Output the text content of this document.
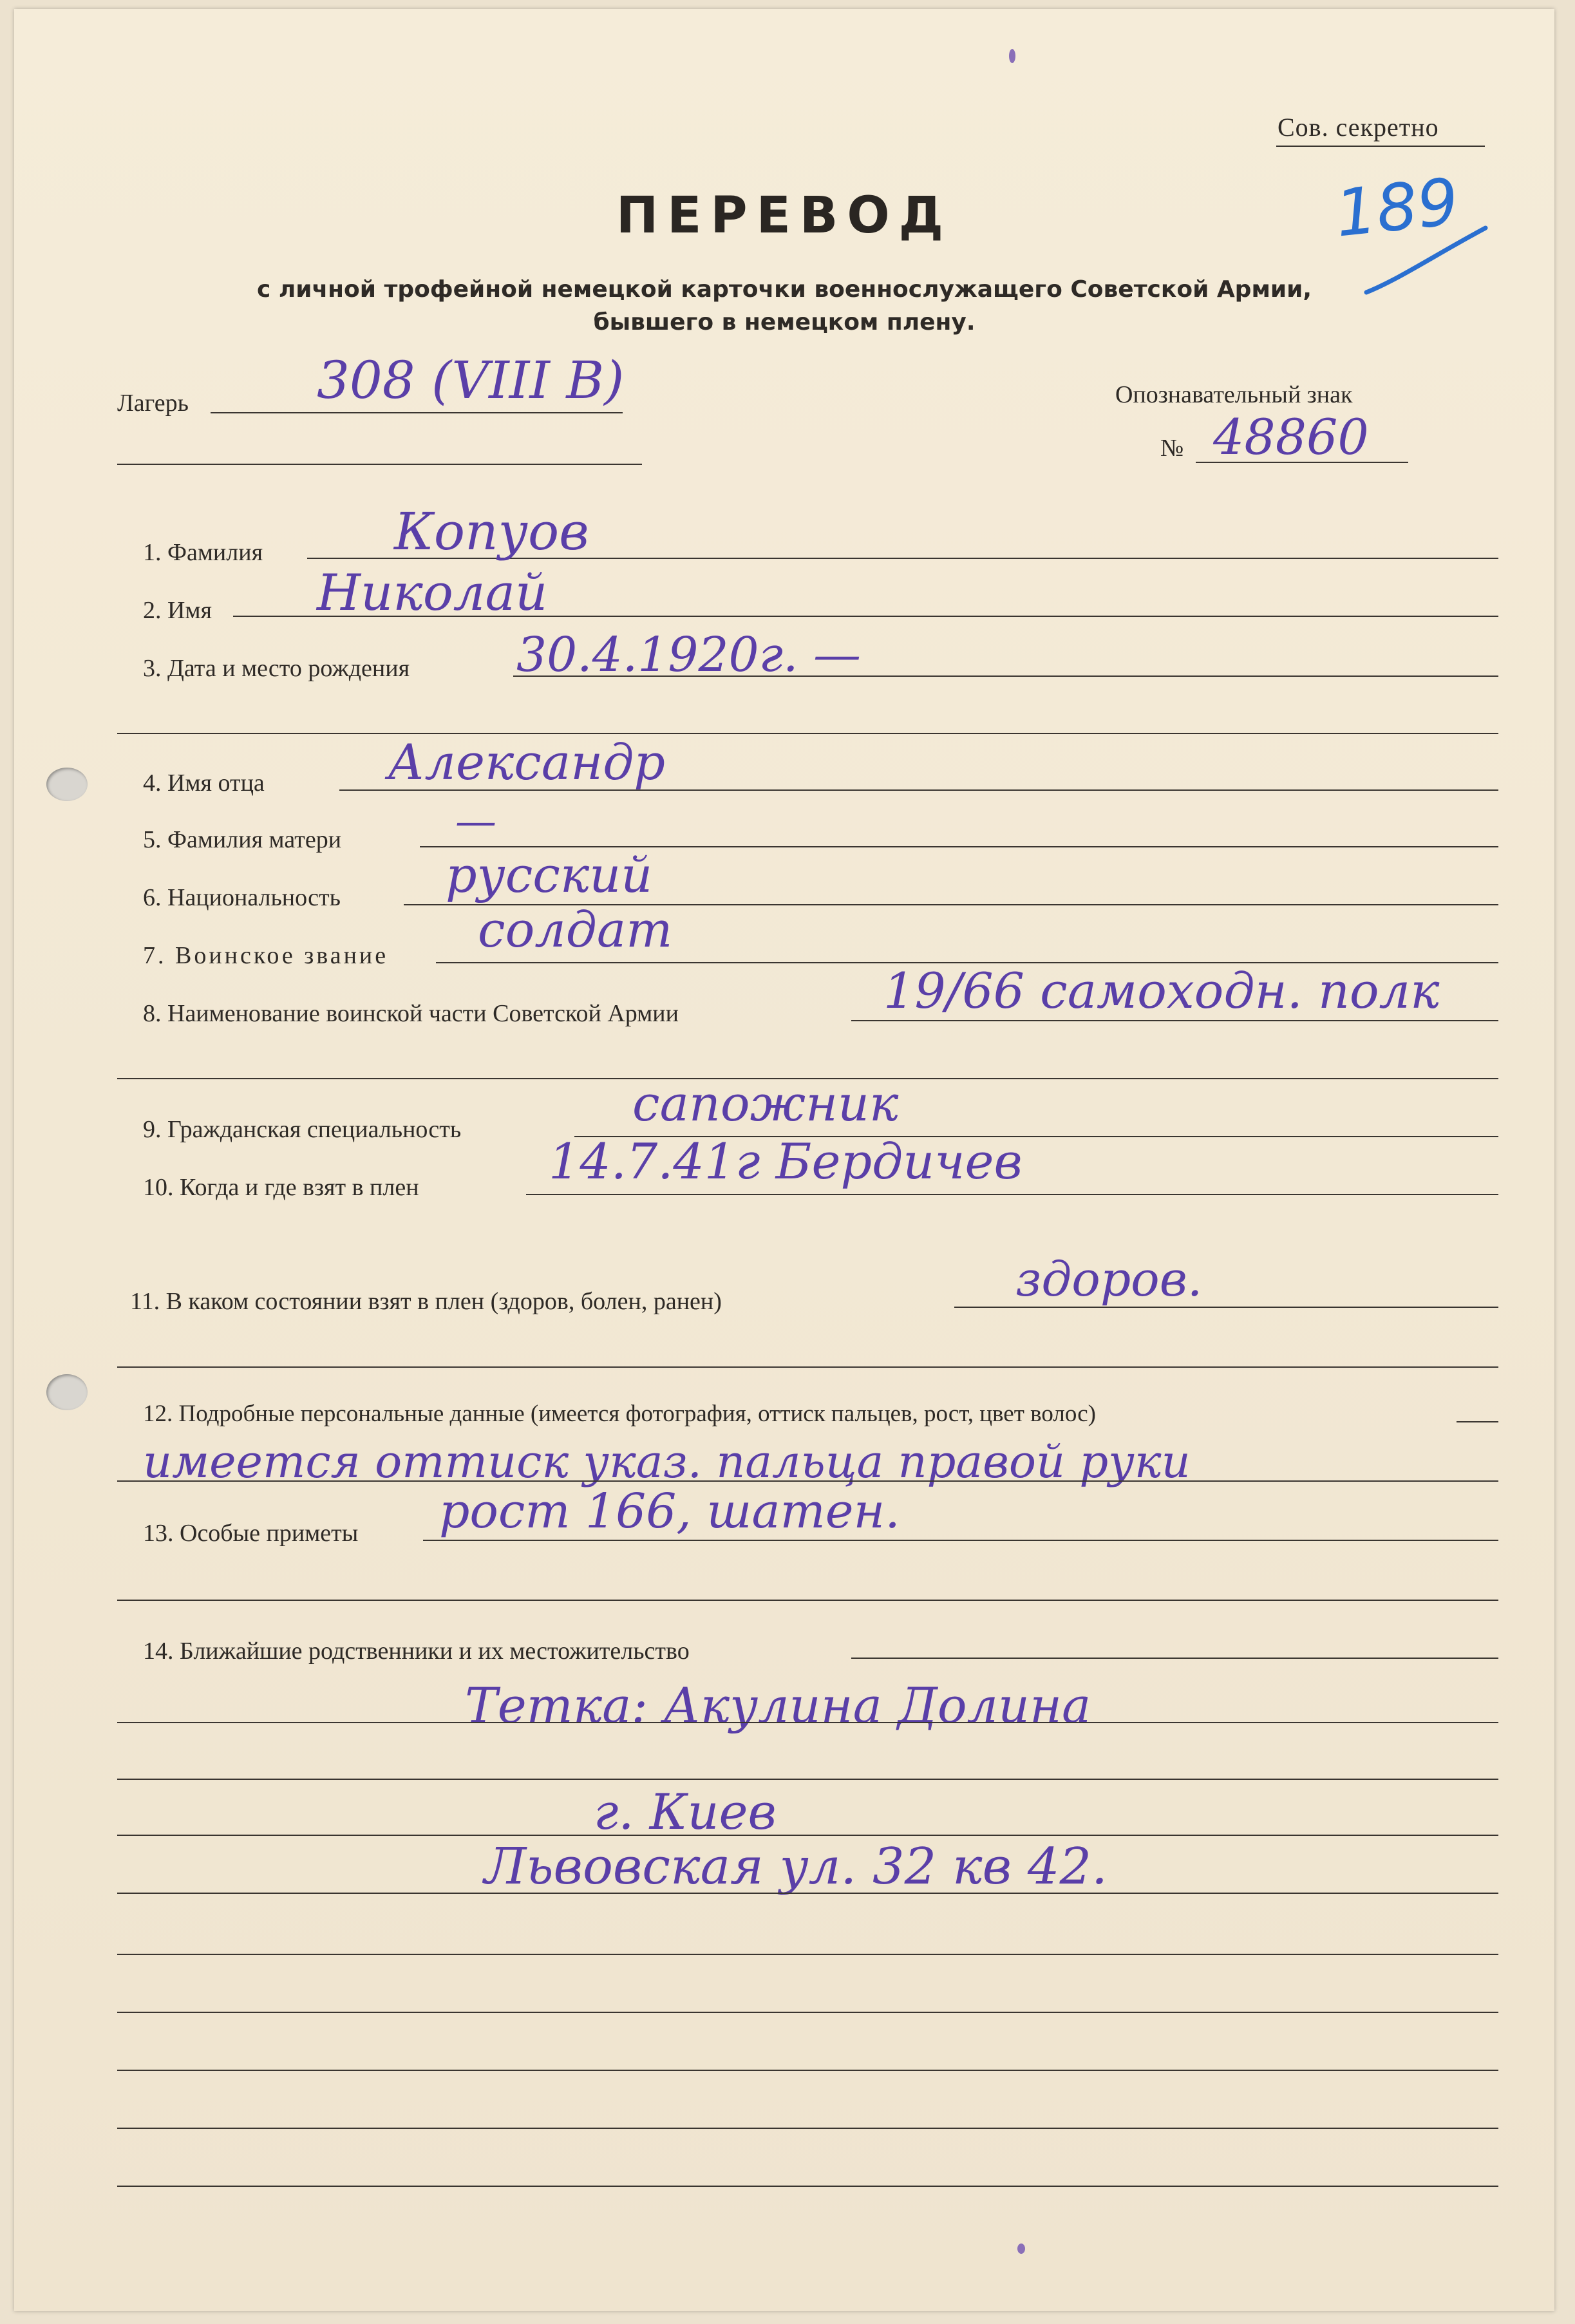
Сов. секретно
189
ПЕРЕВОД
с личной трофейной немецкой карточки военнослужащего Советской Армии,
бывшего в немецком плену.
Лагерь 308 (VIII B)	Опознавательный знак
№ 48860
1. Фамилия	Копуов
2. Имя Николай
3. Дата и место рождения 30.4.1920г. —
4. Имя отца	Александр
5. Фамилия матери	—
6. Национальность русский
7. Воинское звание солдат
8. Наименование воинской части Советской Армии	19/66 самоходн. полк
9. Гражданская специальность	сапожник
10. Когда и где взят в плен	14.7.41г Бердичев
11. В каком состоянии взят в плен (здоров, болен, ранен)	здоров.
12. Подробные персональные данные (имеется фотография, оттиск пальцев, рост, цвет волос)
имеется оттиск указ. пальца правой руки
13. Особые приметы рост 166, шатен.
14. Ближайшие родственники и их местожительство
Тетка: Акулина Долина
г. Киев
Львовская ул. 32 кв 42.
